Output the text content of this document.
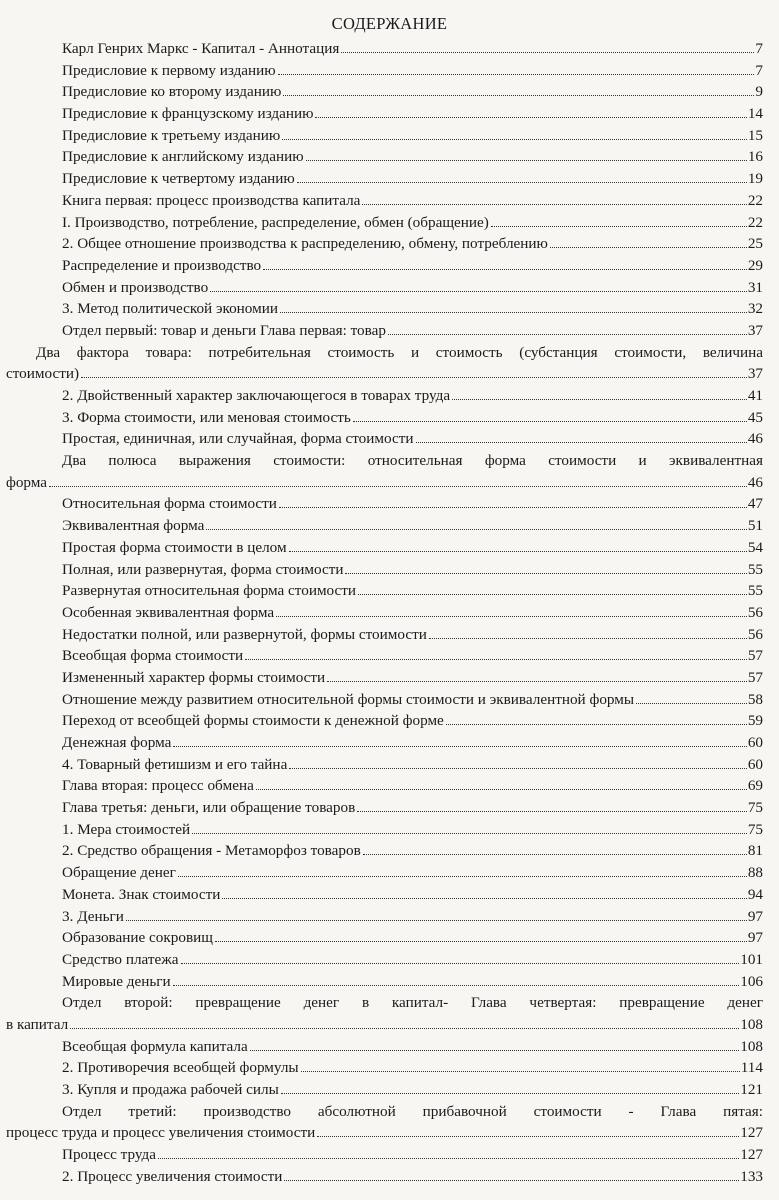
СОДЕРЖАНИЕ
Карл Генрих Маркс - Капитал - Аннотация	7
Предисловие к первому изданию	7
Предисловие ко второму изданию	9
Предисловие к французскому изданию	14
Предисловие к третьему изданию	15
Предисловие к английскому изданию	16
Предисловие к четвертому изданию	19
Книга первая: процесс производства капитала	22
I. Производство, потребление, распределение, обмен (обращение)	22
2. Общее отношение производства к распределению, обмену, потреблению	25
Распределение и производство	29
Обмен и производство	31
3. Метод политической экономии	32
Отдел первый: товар и деньги Глава первая: товар	37
Два фактора товара: потребительная стоимость и стоимость (субстанция стоимости, величина
стоимости)	37
2. Двойственный характер заключающегося в товарах труда	41
3. Форма стоимости, или меновая стоимость	45
Простая, единичная, или случайная, форма стоимости	46
Два полюса выражения стоимости: относительная форма стоимости и эквивалентная
форма	46
Относительная форма стоимости	47
Эквивалентная форма	51
Простая форма стоимости в целом	54
Полная, или развернутая, форма стоимости	55
Развернутая относительная форма стоимости	55
Особенная эквивалентная форма	56
Недостатки полной, или развернутой, формы стоимости	56
Всеобщая форма стоимости	57
Измененный характер формы стоимости	57
Отношение между развитием относительной формы стоимости и эквивалентной формы	58
Переход от всеобщей формы стоимости к денежной форме	59
Денежная форма	60
4. Товарный фетишизм и его тайна	60
Глава вторая: процесс обмена	69
Глава третья: деньги, или обращение товаров	75
1. Мера стоимостей	75
2. Средство обращения - Метаморфоз товаров	81
Обращение денег	88
Монета. Знак стоимости	94
3. Деньги	97
Образование сокровищ	97
Средство платежа	101
Мировые деньги	106
Отдел второй: превращение денег в капитал- Глава четвертая: превращение денег
в капитал	108
Всеобщая формула капитала	108
2. Противоречия всеобщей формулы	114
3. Купля и продажа рабочей силы	121
Отдел третий: производство абсолютной прибавочной стоимости - Глава пятая:
процесс труда и процесс увеличения стоимости	127
Процесс труда	127
2. Процесс увеличения стоимости	133
